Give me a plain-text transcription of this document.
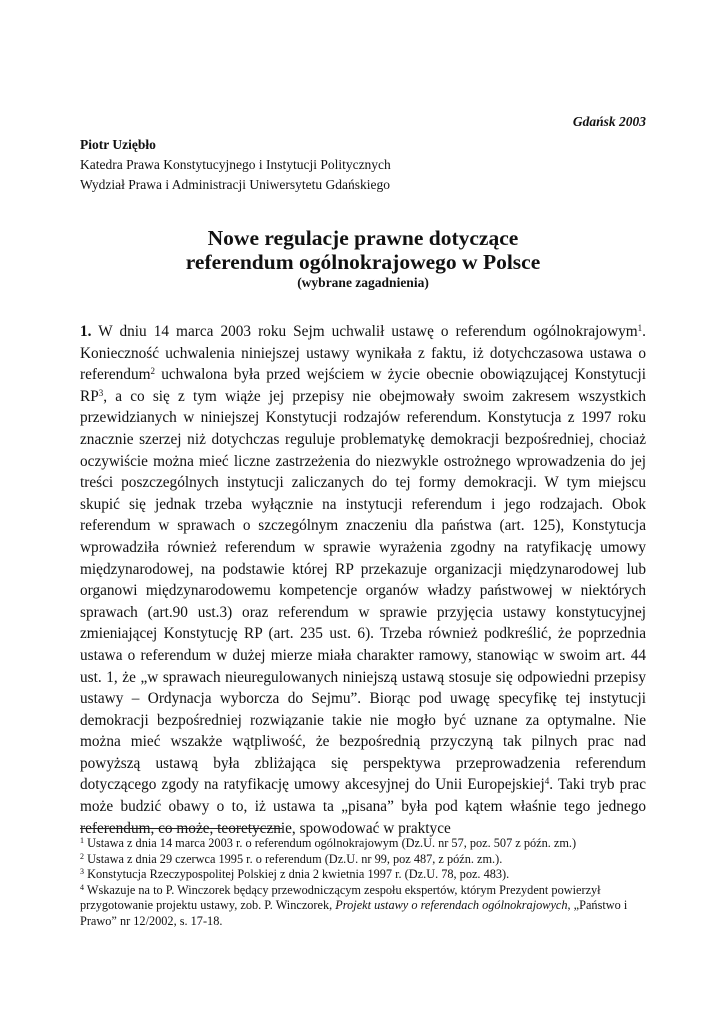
Gdańsk 2003
Piotr Uziębło
Katedra Prawa Konstytucyjnego i Instytucji Politycznych
Wydział Prawa i Administracji Uniwersytetu Gdańskiego
Nowe regulacje prawne dotyczące
referendum ogólnokrajowego w Polsce
(wybrane zagadnienia)

1. W dniu 14 marca 2003 roku Sejm uchwalił ustawę o referendum ogólnokrajowym$^1$. Konieczność uchwalenia niniejszej ustawy wynikała z faktu, iż dotychczasowa ustawa o referendum$^2$ uchwalona była przed wejściem w życie obecnie obowiązującej Konstytucji $RP^3$, a co się z tym wiąże jej przepisy nie obejmowały swoim zakresem wszystkich przewidzianych w niniejszej Konstytucji rodzajów referendum. Konstytucja z 1997 roku znacznie szerzej niż dotychczas reguluje problematykę demokracji bezpośredniej, chociaż oczywiście można mieć liczne zastrzeżenia do niezwykle ostrożnego wprowadzenia do jej treści poszczególnych instytucji zaliczanych do tej formy demokracji. W tym miejscu skupić się jednak trzeba wyłącznie na instytucji referendum i jego rodzajach. Obok referendum w sprawach o szczególnym znaczeniu dla państwa (art. 125), Konstytucja wprowadziła również referendum w sprawie wyrażenia zgodny na ratyfikację umowy międzynarodowej, na podstawie której RP przekazuje organizacji międzynarodowej lub organowi międzynarodowemu kompetencje organów władzy państwowej w niektórych sprawach (art.90 ust.3) oraz referendum w sprawie przyjęcia ustawy konstytucyjnej zmieniającej Konstytucję RP (art. 235 ust. 6). Trzeba również podkreślić, że poprzednia ustawa o referendum w dużej mierze miała charakter ramowy, stanowiąc w swoim art. 44 ust. 1, że „w sprawach nieuregulowanych niniejszą ustawą stosuje się odpowiedni przepisy ustawy – Ordynacja wyborcza do Sejmu”. Biorąc pod uwagę specyfikę tej instytucji demokracji bezpośredniej rozwiązanie takie nie mogło być uznane za optymalne. Nie można mieć wszakże wątpliwość, że bezpośrednią przyczyną tak pilnych prac nad powyższą ustawą była zbliżająca się perspektywa przeprowadzenia referendum dotyczącego zgody na ratyfikację umowy akcesyjnej do Unii Europejskiej$^4$. Taki tryb prac może budzić obawy o to, iż ustawa ta „pisana” była pod kątem właśnie tego jednego referendum, co może, teoretycznie, spowodować w praktyce

$^1$ Ustawa z dnia 14 marca 2003 r. o referendum ogólnokrajowym (Dz.U. nr 57, poz. 507 z późn. zm.)

$^2$ Ustawa z dnia 29 czerwca 1995 r. o referendum (Dz.U. nr 99, poz 487, z późn. zm.).

$^3$ Konstytucja Rzeczypospolitej Polskiej z dnia 2 kwietnia 1997 r. (Dz.U. 78, poz. 483).

$^4$ Wskazuje na to P. Winczorek będący przewodniczącym zespołu ekspertów, którym Prezydent powierzył przygotowanie projektu ustawy, zob. P. Winczorek, Projekt ustawy o referendach ogólnokrajowych, „Państwo i Prawo” nr 12/2002, s. 17-18.
